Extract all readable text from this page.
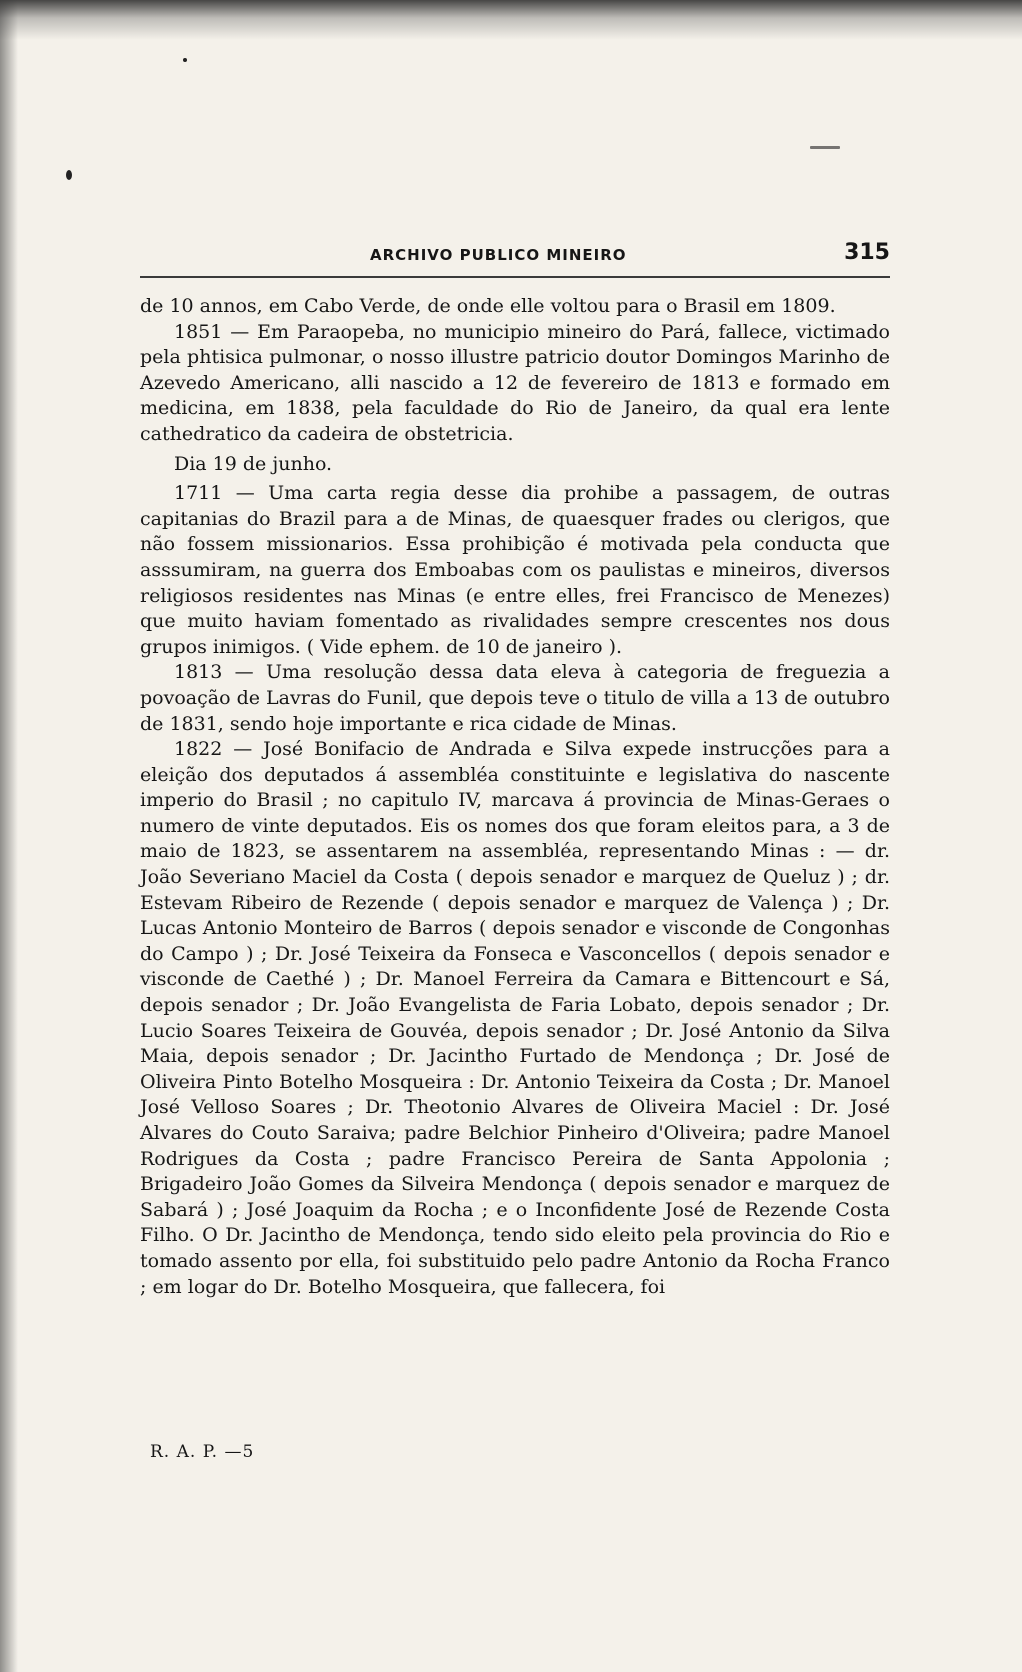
ARCHIVO PUBLICO MINEIRO	315

de 10 annos, em Cabo Verde, de onde elle voltou para o Brasil em 1809.

1851 — Em Paraopeba, no municipio mineiro do Pará, fallece, victimado pela phtisica pulmonar, o nosso illustre patricio doutor Domingos Marinho de Azevedo Americano, alli nascido a 12 de fevereiro de 1813 e formado em medicina, em 1838, pela faculdade do Rio de Janeiro, da qual era lente cathedratico da cadeira de obstetricia.

Dia 19 de junho.

1711 — Uma carta regia desse dia prohibe a passagem, de outras capitanias do Brazil para a de Minas, de quaesquer frades ou clerigos, que não fossem missionarios. Essa prohibição é motivada pela conducta que asssumiram, na guerra dos Emboabas com os paulistas e mineiros, diversos religiosos residentes nas Minas (e entre elles, frei Francisco de Menezes) que muito haviam fomentado as rivalidades sempre crescentes nos dous grupos inimigos. ( Vide ephem. de 10 de janeiro ).

1813 — Uma resolução dessa data eleva à categoria de freguezia a povoação de Lavras do Funil, que depois teve o titulo de villa a 13 de outubro de 1831, sendo hoje importante e rica cidade de Minas.

1822 — José Bonifacio de Andrada e Silva expede instrucções para a eleição dos deputados á assembléa constituinte e legislativa do nascente imperio do Brasil ; no capitulo IV, marcava á provincia de Minas-Geraes o numero de vinte deputados. Eis os nomes dos que foram eleitos para, a 3 de maio de 1823, se assentarem na assembléa, representando Minas : — dr. João Severiano Maciel da Costa ( depois senador e marquez de Queluz ) ; dr. Estevam Ribeiro de Rezende ( depois senador e marquez de Valença ) ; Dr. Lucas Antonio Monteiro de Barros ( depois senador e visconde de Congonhas do Campo ) ; Dr. José Teixeira da Fonseca e Vasconcellos ( depois senador e visconde de Caethé ) ; Dr. Manoel Ferreira da Camara e Bittencourt e Sá, depois senador ; Dr. João Evangelista de Faria Lobato, depois senador ; Dr. Lucio Soares Teixeira de Gouvéa, depois senador ; Dr. José Antonio da Silva Maia, depois senador ; Dr. Jacintho Furtado de Mendonça ; Dr. José de Oliveira Pinto Botelho Mosqueira : Dr. Antonio Teixeira da Costa ; Dr. Manoel José Velloso Soares ; Dr. Theotonio Alvares de Oliveira Maciel : Dr. José Alvares do Couto Saraiva; padre Belchior Pinheiro d'Oliveira; padre Manoel Rodrigues da Costa ; padre Francisco Pereira de Santa Appolonia ; Brigadeiro João Gomes da Silveira Mendonça ( depois senador e marquez de Sabará ) ; José Joaquim da Rocha ; e o Inconfidente José de Rezende Costa Filho. O Dr. Jacintho de Mendonça, tendo sido eleito pela provincia do Rio e tomado assento por ella, foi substituido pelo padre Antonio da Rocha Franco ; em logar do Dr. Botelho Mosqueira, que fallecera, foi

R. A. P. —5
